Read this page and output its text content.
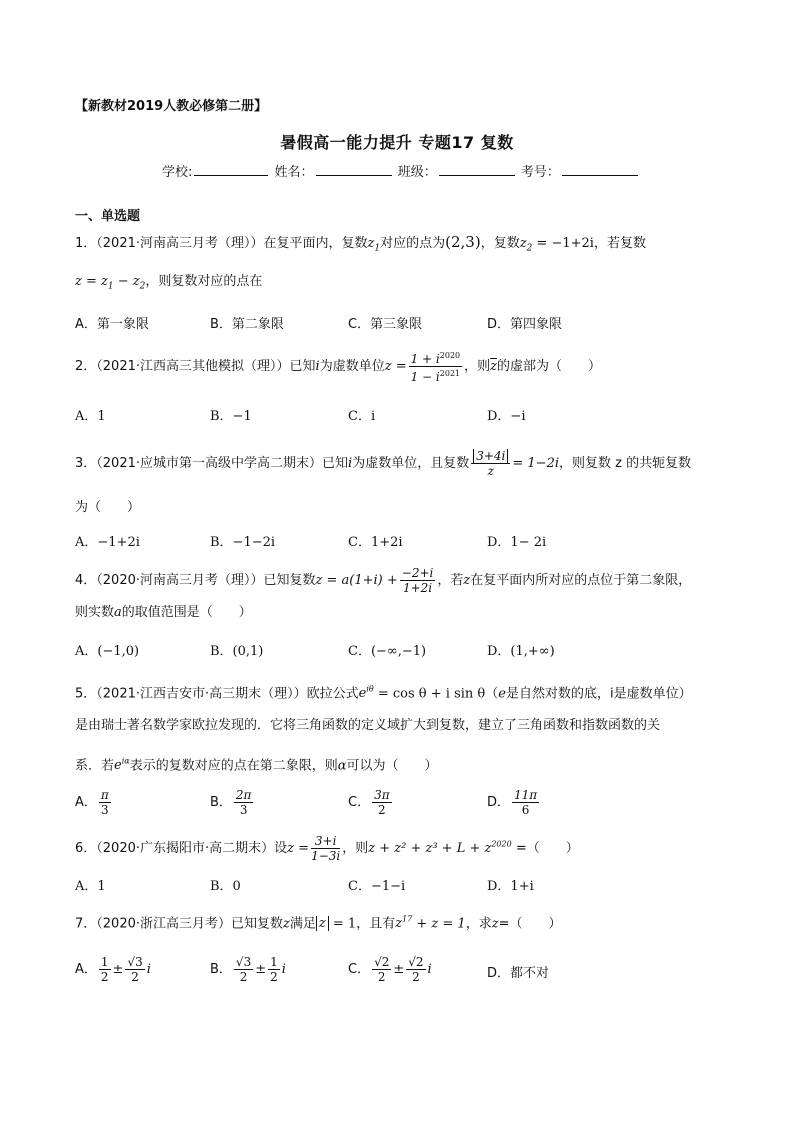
【新教材2019人教必修第二册】
暑假高一能力提升 专题17 复数
学校:	姓名：	班级：	考号：
一、单选题
1．（2021·河南高三月考（理））在复平面内，复数$z_1$对应的点为(2,3)，复数$z_2 = -1+2i$，若复数
$z = z_1 - z_2$，则复数对应的点在
A．第一象限	B．第二象限	C．第三象限	D．第四象限
2．（2021·江西高三其他模拟（理））已知i为虚数单位$z = \frac{1 + i^{2020}}{1 - i^{2021}}$ ，则$\overline{z}$的虚部为（　　）
A．1	B．−1	C．i	D．−i
3．（2021·应城市第一高级中学高二期末）已知i为虚数单位，且复数 $\frac{3+4i}{z} = 1-2i$，则复数 z 的共轭复数
为（　　）
A．−1+2i	B．−1−2i	C．1+2i	D．1− 2i
4．（2020·河南高三月考（理））已知复数$z = a(1+i) + \frac{-2+i}{1+2i}$ ，若z在复平面内所对应的点位于第二象限，
则实数a的取值范围是（　　）
A．(−1,0)	B．(0,1)	C．(−∞,−1)	D．(1,+∞)
5．（2021·江西吉安市·高三期末（理））欧拉公式$e^{i\theta} = \cos \theta + i$ sin θ（e是自然对数的底，i是虚数单位）
是由瑞士著名数学家欧拉发现的．它将三角函数的定义域扩大到复数，建立了三角函数和指数函数的关
系．若$e^{i\alpha}$表示的复数对应的点在第二象限，则α可以为（　　）
A． $\frac{\pi}{3}$	B． $\frac{2\pi}{3}$	C． $\frac{3\pi}{2}$	D． $\frac{11\pi}{6}$
6．（2020·广东揭阳市·高二期末）设$z = \frac{3+i}{1-3i}$ ，则$z + z^2 + z^3 + L + z^{2020}$ =（　　）
A．1	B．0	C．−1−i	D．1+i
7．（2020·浙江高三月考）已知复数z满足 z = 1，且有$z^{17} + z = 1$，求z=（　　）
A． $\frac{1}{2} \pm \frac{√3}{2}$ i	B． $\frac{√3}{2} \pm \frac{1}{2}$ i	C． $\frac{√2}{2} \pm \frac{√2}{2}$ i	D．都不对
